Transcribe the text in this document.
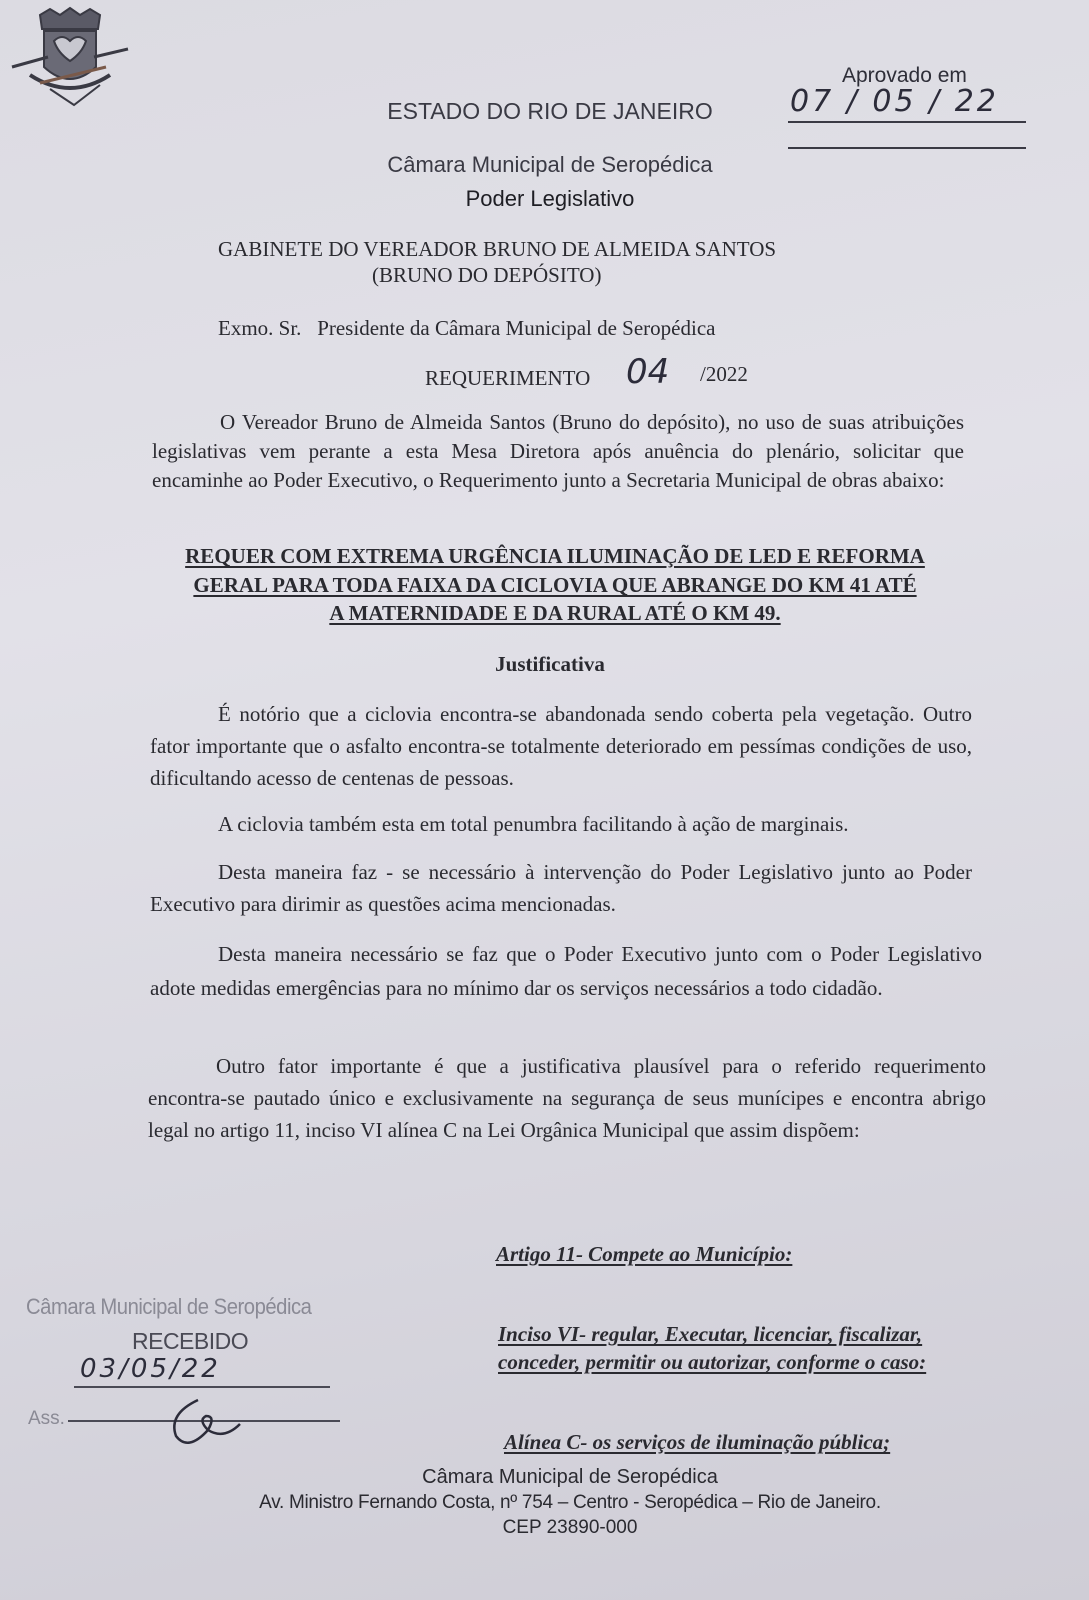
Aprovado em
07 / 05 / 22
ESTADO DO RIO DE JANEIRO
Câmara Municipal de Seropédica
Poder Legislativo
GABINETE DO VEREADOR BRUNO DE ALMEIDA SANTOS
(BRUNO DO DEPÓSITO)
Exmo. Sr. Presidente da Câmara Municipal de Seropédica
REQUERIMENTO 04 /2022
O Vereador Bruno de Almeida Santos (Bruno do depósito), no uso de suas atribuições legislativas vem perante a esta Mesa Diretora após anuência do plenário, solicitar que encaminhe ao Poder Executivo, o Requerimento junto a Secretaria Municipal de obras abaixo:
REQUER COM EXTREMA URGÊNCIA ILUMINAÇÃO DE LED E REFORMA
GERAL PARA TODA FAIXA DA CICLOVIA QUE ABRANGE DO KM 41 ATÉ
A MATERNIDADE E DA RURAL ATÉ O KM 49.
Justificativa
É notório que a ciclovia encontra-se abandonada sendo coberta pela vegetação. Outro fator importante que o asfalto encontra-se totalmente deteriorado em pessímas condições de uso, dificultando acesso de centenas de pessoas.
A ciclovia também esta em total penumbra facilitando à ação de marginais.
Desta maneira faz - se necessário à intervenção do Poder Legislativo junto ao Poder Executivo para dirimir as questões acima mencionadas.
Desta maneira necessário se faz que o Poder Executivo junto com o Poder Legislativo adote medidas emergências para no mínimo dar os serviços necessários a todo cidadão.
Outro fator importante é que a justificativa plausível para o referido requerimento encontra-se pautado único e exclusivamente na segurança de seus munícipes e encontra abrigo legal no artigo 11, inciso VI alínea C na Lei Orgânica Municipal que assim dispõem:
Artigo 11- Compete ao Município:
Inciso VI- regular, Executar, licenciar, fiscalizar,
conceder, permitir ou autorizar, conforme o caso:
Alínea C- os serviços de iluminação pública;
Câmara Municipal de Seropédica
RECEBIDO
03/05/22
Ass.
Câmara Municipal de Seropédica
Av. Ministro Fernando Costa, nº 754 – Centro - Seropédica – Rio de Janeiro.
CEP 23890-000
